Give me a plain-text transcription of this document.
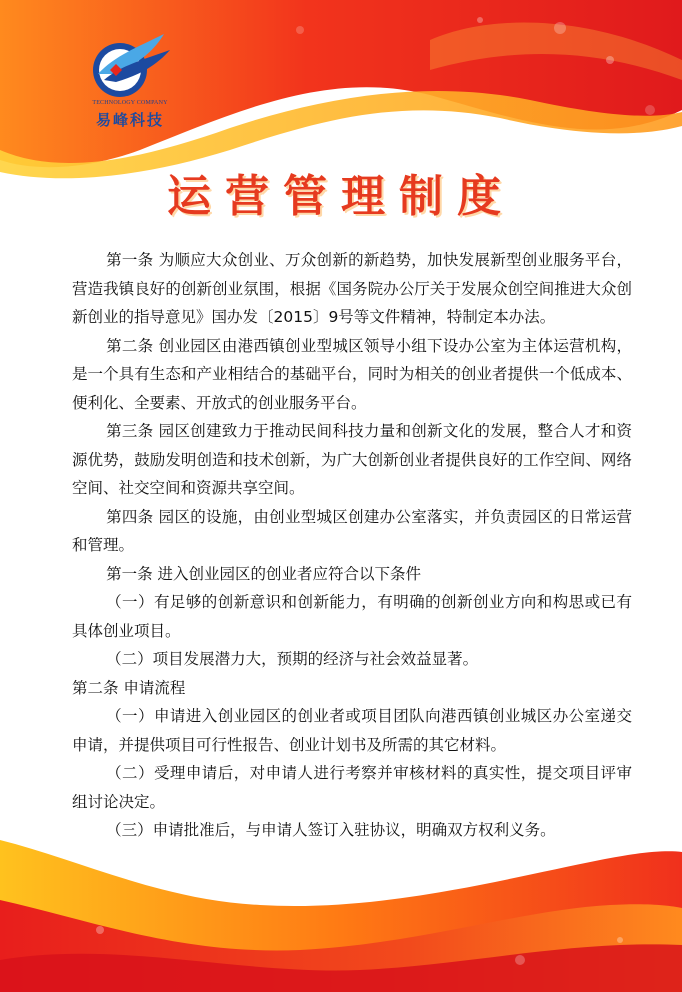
TECHNOLOGY COMPANY
易峰科技
运营管理制度

第一条 为顺应大众创业、万众创新的新趋势，加快发展新型创业服务平台，营造我镇良好的创新创业氛围，根据《国务院办公厅关于发展众创空间推进大众创新创业的指导意见》国办发〔2015〕9号等文件精神，特制定本办法。

第二条 创业园区由港西镇创业型城区领导小组下设办公室为主体运营机构，是一个具有生态和产业相结合的基础平台，同时为相关的创业者提供一个低成本、便利化、全要素、开放式的创业服务平台。

第三条 园区创建致力于推动民间科技力量和创新文化的发展，整合人才和资源优势，鼓励发明创造和技术创新，为广大创新创业者提供良好的工作空间、网络空间、社交空间和资源共享空间。

第四条 园区的设施，由创业型城区创建办公室落实，并负责园区的日常运营和管理。

第一条 进入创业园区的创业者应符合以下条件

（一）有足够的创新意识和创新能力，有明确的创新创业方向和构思或已有具体创业项目。

（二）项目发展潜力大，预期的经济与社会效益显著。

第二条 申请流程

（一）申请进入创业园区的创业者或项目团队向港西镇创业城区办公室递交申请，并提供项目可行性报告、创业计划书及所需的其它材料。

（二）受理申请后，对申请人进行考察并审核材料的真实性，提交项目评审组讨论决定。

（三）申请批准后，与申请人签订入驻协议，明确双方权利义务。
